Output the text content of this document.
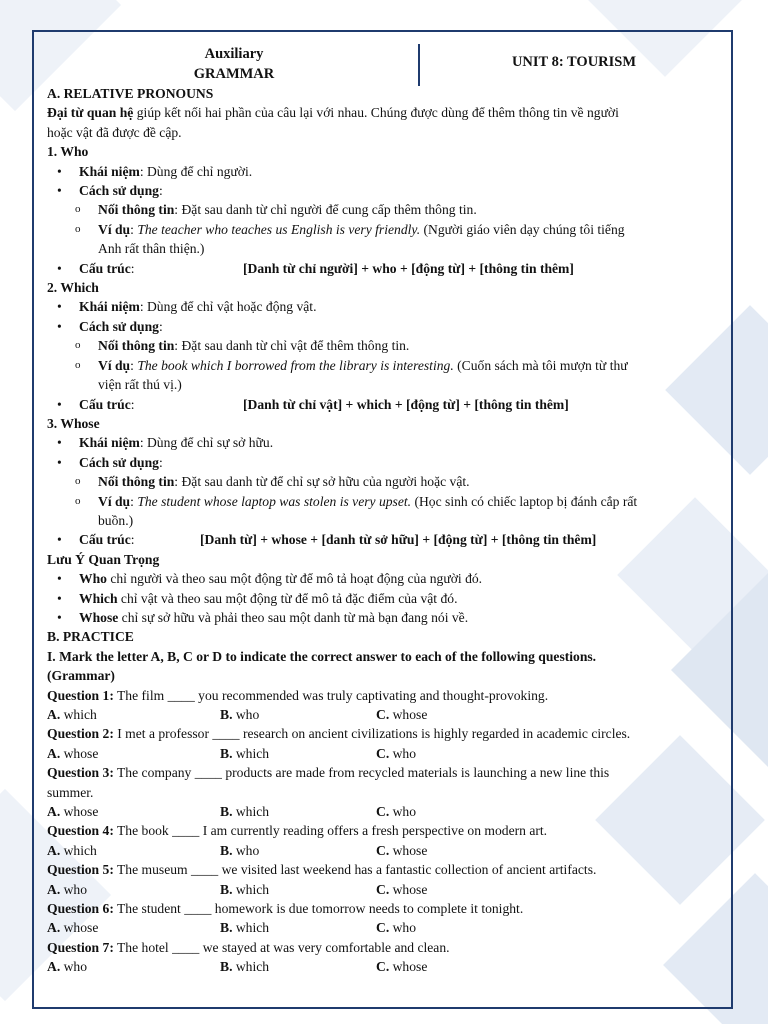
Auxiliary
GRAMMAR
UNIT 8: TOURISM
A. RELATIVE PRONOUNS
Đại từ quan hệ giúp kết nối hai phần của câu lại với nhau. Chúng được dùng để thêm thông tin về người
hoặc vật đã được đề cập.
1. Who
• Khái niệm: Dùng để chỉ người.
• Cách sử dụng:
o Nối thông tin: Đặt sau danh từ chỉ người để cung cấp thêm thông tin.
o Ví dụ: The teacher who teaches us English is very friendly. (Người giáo viên dạy chúng tôi tiếng
Anh rất thân thiện.)
• Cấu trúc:	[Danh từ chỉ người] + who + [động từ] + [thông tin thêm]
2. Which
• Khái niệm: Dùng để chỉ vật hoặc động vật.
• Cách sử dụng:
o Nối thông tin: Đặt sau danh từ chỉ vật để thêm thông tin.
o Ví dụ: The book which I borrowed from the library is interesting. (Cuốn sách mà tôi mượn từ thư
viện rất thú vị.)
• Cấu trúc:	[Danh từ chỉ vật] + which + [động từ] + [thông tin thêm]
3. Whose
• Khái niệm: Dùng để chỉ sự sở hữu.
• Cách sử dụng:
o Nối thông tin: Đặt sau danh từ để chỉ sự sở hữu của người hoặc vật.
o Ví dụ: The student whose laptop was stolen is very upset. (Học sinh có chiếc laptop bị đánh cắp rất
buồn.)
• Cấu trúc:	[Danh từ] + whose + [danh từ sở hữu] + [động từ] + [thông tin thêm]
Lưu Ý Quan Trọng
• Who chỉ người và theo sau một động từ để mô tả hoạt động của người đó.
• Which chỉ vật và theo sau một động từ để mô tả đặc điểm của vật đó.
• Whose chỉ sự sở hữu và phải theo sau một danh từ mà bạn đang nói về.
B. PRACTICE
I. Mark the letter A, B, C or D to indicate the correct answer to each of the following questions.
(Grammar)
Question 1: The film ____ you recommended was truly captivating and thought-provoking.
A. which	B. who	C. whose
Question 2: I met a professor ____ research on ancient civilizations is highly regarded in academic circles.
A. whose	B. which	C. who
Question 3: The company ____ products are made from recycled materials is launching a new line this
summer.
A. whose	B. which	C. who
Question 4: The book ____ I am currently reading offers a fresh perspective on modern art.
A. which	B. who	C. whose
Question 5: The museum ____ we visited last weekend has a fantastic collection of ancient artifacts.
A. who	B. which	C. whose
Question 6: The student ____ homework is due tomorrow needs to complete it tonight.
A. whose	B. which	C. who
Question 7: The hotel ____ we stayed at was very comfortable and clean.
A. who	B. which	C. whose
